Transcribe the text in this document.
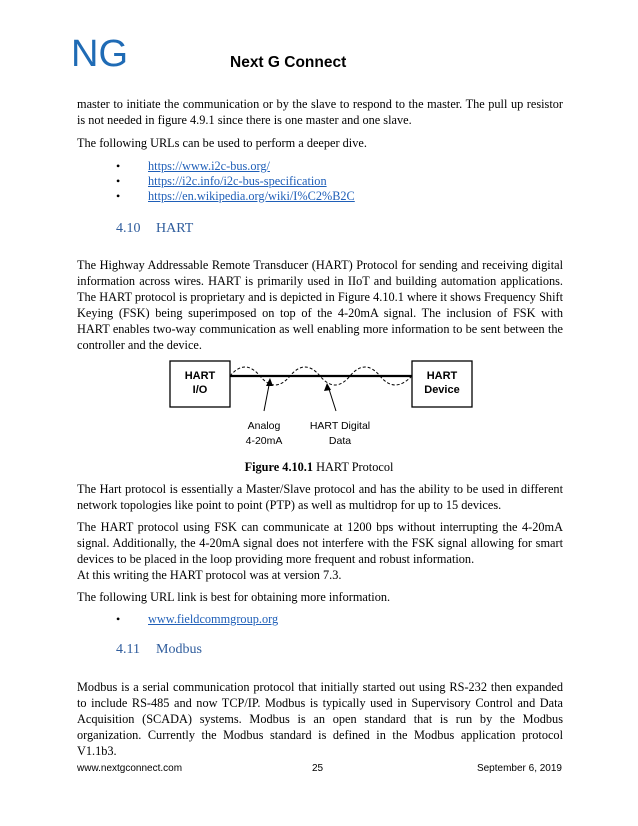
NG	Next G Connect

master to initiate the communication or by the slave to respond to the master. The pull up resistor is not needed in figure 4.9.1 since there is one master and one slave.

The following URLs can be used to perform a deeper dive.

• https://www.i2c-bus.org/
• https://i2c.info/i2c-bus-specification
• https://en.wikipedia.org/wiki/I%C2%B2C
4.10 HART

The Highway Addressable Remote Transducer (HART) Protocol for sending and receiving digital information across wires. HART is primarily used in IIoT and building automation applications. The HART protocol is proprietary and is depicted in Figure 4.10.1 where it shows Frequency Shift Keying (FSK) being superimposed on top of the 4-20mA signal. The inclusion of FSK with HART enables two-way communication as well enabling more information to be sent between the controller and the device.

HART
I/O
HART
Device
Analog
4-20mA
HART Digital
Data
Figure 4.10.1 HART Protocol

The Hart protocol is essentially a Master/Slave protocol and has the ability to be used in different network topologies like point to point (PTP) as well as multidrop for up to 15 devices.

The HART protocol using FSK can communicate at 1200 bps without interrupting the 4-20mA signal. Additionally, the 4-20mA signal does not interfere with the FSK signal allowing for smart devices to be placed in the loop providing more frequent and robust information.

At this writing the HART protocol was at version 7.3.

The following URL link is best for obtaining more information.

• www.fieldcommgroup.org
4.11 Modbus

Modbus is a serial communication protocol that initially started out using RS-232 then expanded to include RS-485 and now TCP/IP. Modbus is typically used in Supervisory Control and Data Acquisition (SCADA) systems. Modbus is an open standard that is run by the Modbus organization. Currently the Modbus standard is defined in the Modbus application protocol V1.1b3.

www.nextgconnect.com	25	September 6, 2019
